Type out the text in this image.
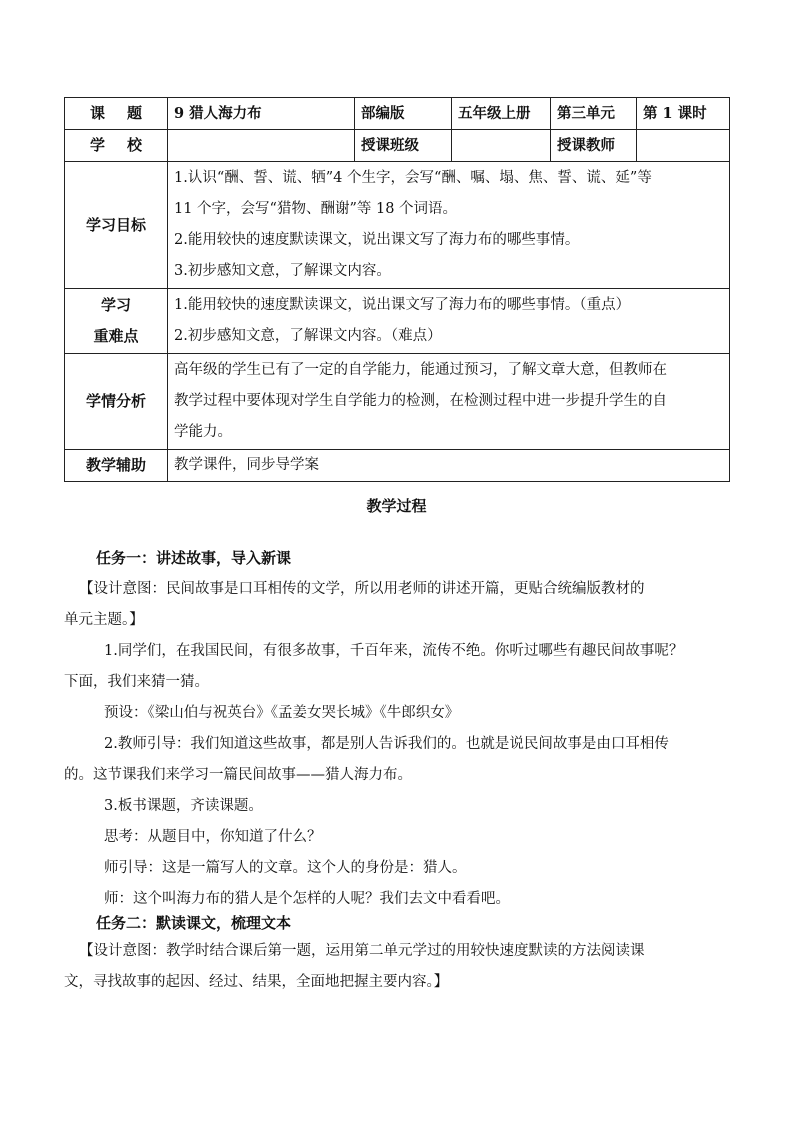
课题	9 猎人海力布	部编版	五年级上册	第三单元	第 1 课时
学校		授课班级		授课教师	
学习目标	1.认识“酬、誓、谎、牺”4 个生字，会写“酬、嘱、塌、焦、誓、谎、延”等
11 个字，会写“猎物、酬谢”等 18 个词语。
2.能用较快的速度默读课文，说出课文写了海力布的哪些事情。
3.初步感知文意，了解课文内容。				

学习
重难点	1.能用较快的速度默读课文，说出课文写了海力布的哪些事情。（重点）
2.初步感知文意，了解课文内容。（难点）				

学情分析	高年级的学生已有了一定的自学能力，能通过预习，了解文章大意，但教师在
教学过程中要体现对学生自学能力的检测，在检测过程中进一步提升学生的自
学能力。				

教学辅助	教学课件，同步导学案				
教学过程
任务一：讲述故事，导入新课
【设计意图：民间故事是口耳相传的文学，所以用老师的讲述开篇，更贴合统编版教材的
单元主题。】
1.同学们，在我国民间，有很多故事，千百年来，流传不绝。你听过哪些有趣民间故事呢？
下面，我们来猜一猜。
预设：《梁山伯与祝英台》《孟姜女哭长城》《牛郎织女》
2.教师引导：我们知道这些故事，都是别人告诉我们的。也就是说民间故事是由口耳相传
的。这节课我们来学习一篇民间故事——猎人海力布。
3.板书课题，齐读课题。
思考：从题目中，你知道了什么？
师引导：这是一篇写人的文章。这个人的身份是：猎人。
师：这个叫海力布的猎人是个怎样的人呢？我们去文中看看吧。
任务二：默读课文，梳理文本
【设计意图：教学时结合课后第一题，运用第二单元学过的用较快速度默读的方法阅读课
文，寻找故事的起因、经过、结果，全面地把握主要内容。】
